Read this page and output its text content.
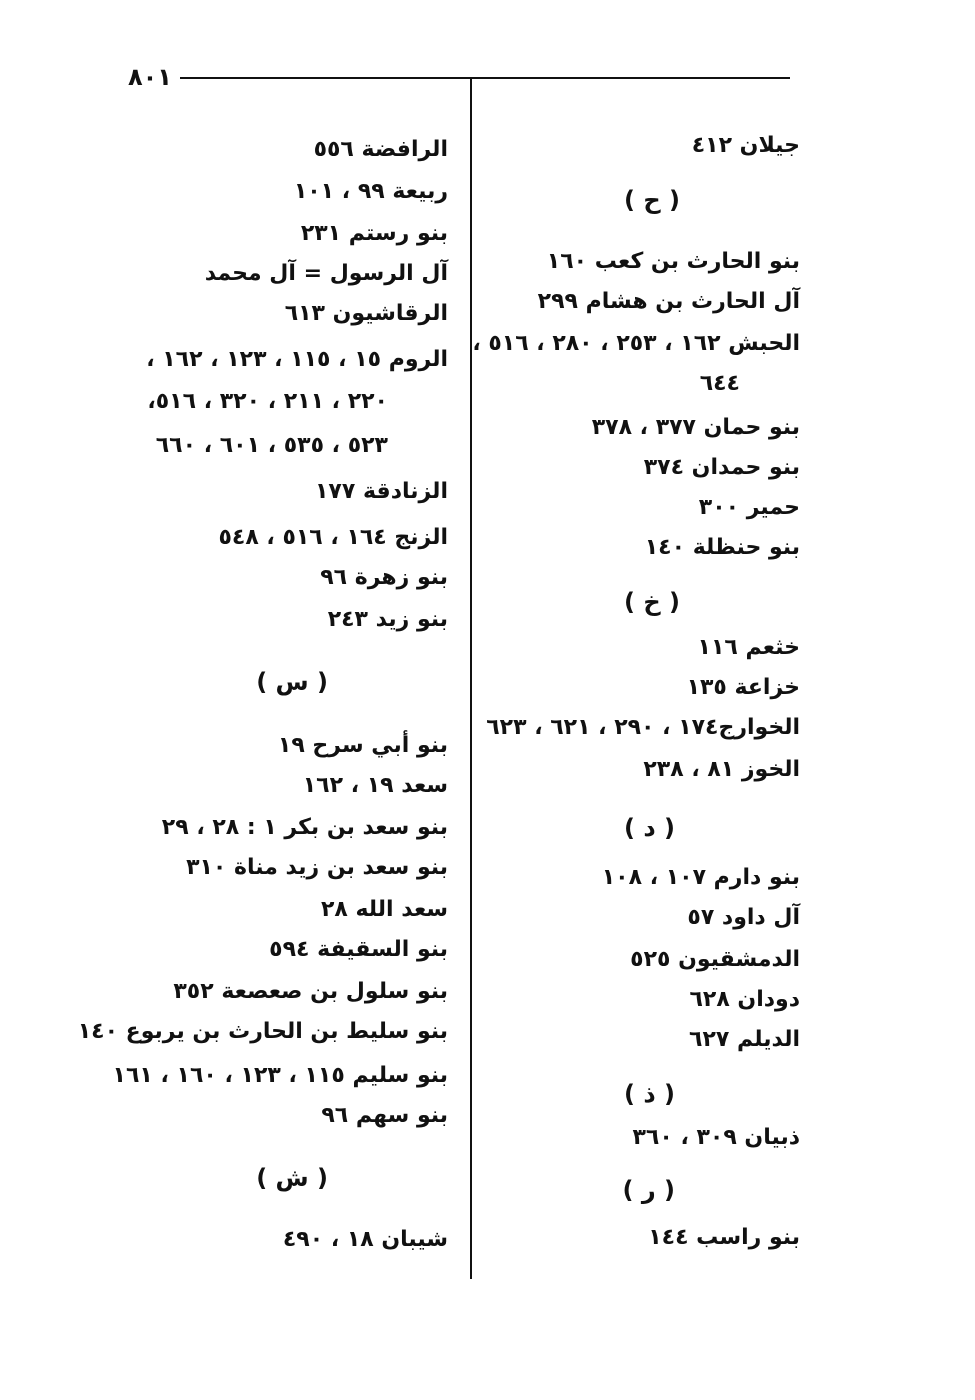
٨٠١
جيلان ٤١٢
( ح )
بنو الحارث بن كعب ١٦٠
آل الحارث بن هشام ٢٩٩
الحبش ١٦٢ ، ٢٥٣ ، ٢٨٠ ، ٥١٦ ،
٦٤٤
بنو حمان ٣٧٧ ، ٣٧٨
بنو حمدان ٣٧٤
حمير ٣٠٠
بنو حنظلة ١٤٠
( خ )
خثعم ١١٦
خزاعة ١٣٥
الخوارج١٧٤ ، ٢٩٠ ، ٦٢١ ، ٦٢٣
الخوز ٨١ ، ٢٣٨
( د )
بنو دارم ١٠٧ ، ١٠٨
آل داود ٥٧
الدمشقيون ٥٢٥
دودان ٦٢٨
الديلم ٦٢٧
( ذ )
ذبيان ٣٠٩ ، ٣٦٠
( ر )
بنو راسب ١٤٤
الرافضة ٥٥٦
ربيعة ٩٩ ، ١٠١
بنو رستم ٢٣١
آل الرسول = آل محمد
الرقاشيون ٦١٣
الروم ١٥ ، ١١٥ ، ١٢٣ ، ١٦٢ ،
٢٢٠ ، ٢١١ ، ٣٢٠ ، ٥١٦،
٥٢٣ ، ٥٣٥ ، ٦٠١ ، ٦٦٠
الزنادقة ١٧٧
الزنج ١٦٤ ، ٥١٦ ، ٥٤٨
بنو زهرة ٩٦
بنو زيد ٢٤٣
( س )
بنو أبي سرح ١٩
سعد ١٩ ، ١٦٢
بنو سعد بن بكر ١ : ٢٨ ، ٢٩
بنو سعد بن زيد مناة ٣١٠
سعد الله ٢٨
بنو السقيفة ٥٩٤
بنو سلول بن صعصعة ٣٥٢
بنو سليط بن الحارث بن يربوع ١٤٠
بنو سليم ١١٥ ، ١٢٣ ، ١٦٠ ، ١٦١
بنو سهم ٩٦
( ش )
شيبان ١٨ ، ٤٩٠
